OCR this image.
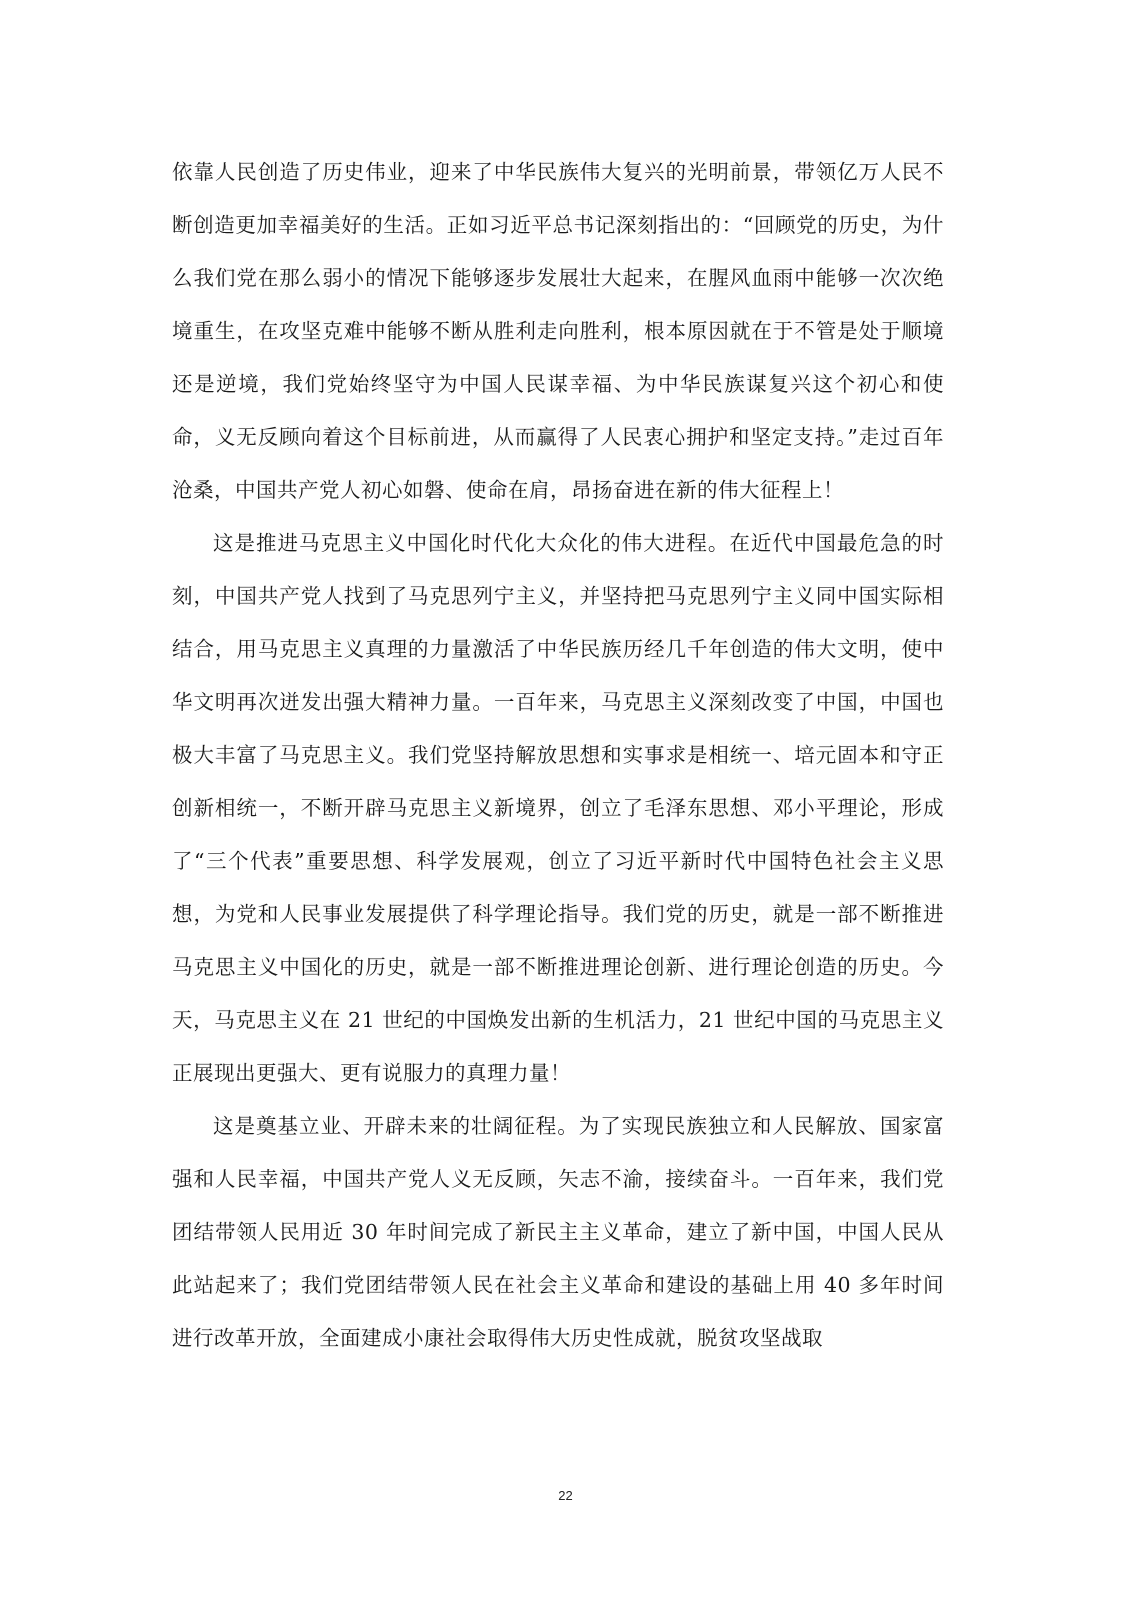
依靠人民创造了历史伟业，迎来了中华民族伟大复兴的光明前景，带领亿万人民不断创造更加幸福美好的生活。正如习近平总书记深刻指出的：“回顾党的历史，为什么我们党在那么弱小的情况下能够逐步发展壮大起来，在腥风血雨中能够一次次绝境重生，在攻坚克难中能够不断从胜利走向胜利，根本原因就在于不管是处于顺境还是逆境，我们党始终坚守为中国人民谋幸福、为中华民族谋复兴这个初心和使命，义无反顾向着这个目标前进，从而赢得了人民衷心拥护和坚定支持。”走过百年沧桑，中国共产党人初心如磐、使命在肩，昂扬奋进在新的伟大征程上！

这是推进马克思主义中国化时代化大众化的伟大进程。在近代中国最危急的时刻，中国共产党人找到了马克思列宁主义，并坚持把马克思列宁主义同中国实际相结合，用马克思主义真理的力量激活了中华民族历经几千年创造的伟大文明，使中华文明再次迸发出强大精神力量。一百年来，马克思主义深刻改变了中国，中国也极大丰富了马克思主义。我们党坚持解放思想和实事求是相统一、培元固本和守正创新相统一，不断开辟马克思主义新境界，创立了毛泽东思想、邓小平理论，形成了“三个代表”重要思想、科学发展观，创立了习近平新时代中国特色社会主义思想，为党和人民事业发展提供了科学理论指导。我们党的历史，就是一部不断推进马克思主义中国化的历史，就是一部不断推进理论创新、进行理论创造的历史。今天，马克思主义在 21 世纪的中国焕发出新的生机活力，21 世纪中国的马克思主义正展现出更强大、更有说服力的真理力量！

这是奠基立业、开辟未来的壮阔征程。为了实现民族独立和人民解放、国家富强和人民幸福，中国共产党人义无反顾，矢志不渝，接续奋斗。一百年来，我们党团结带领人民用近 30 年时间完成了新民主主义革命，建立了新中国，中国人民从此站起来了；我们党团结带领人民在社会主义革命和建设的基础上用 40 多年时间进行改革开放，全面建成小康社会取得伟大历史性成就，脱贫攻坚战取

22
